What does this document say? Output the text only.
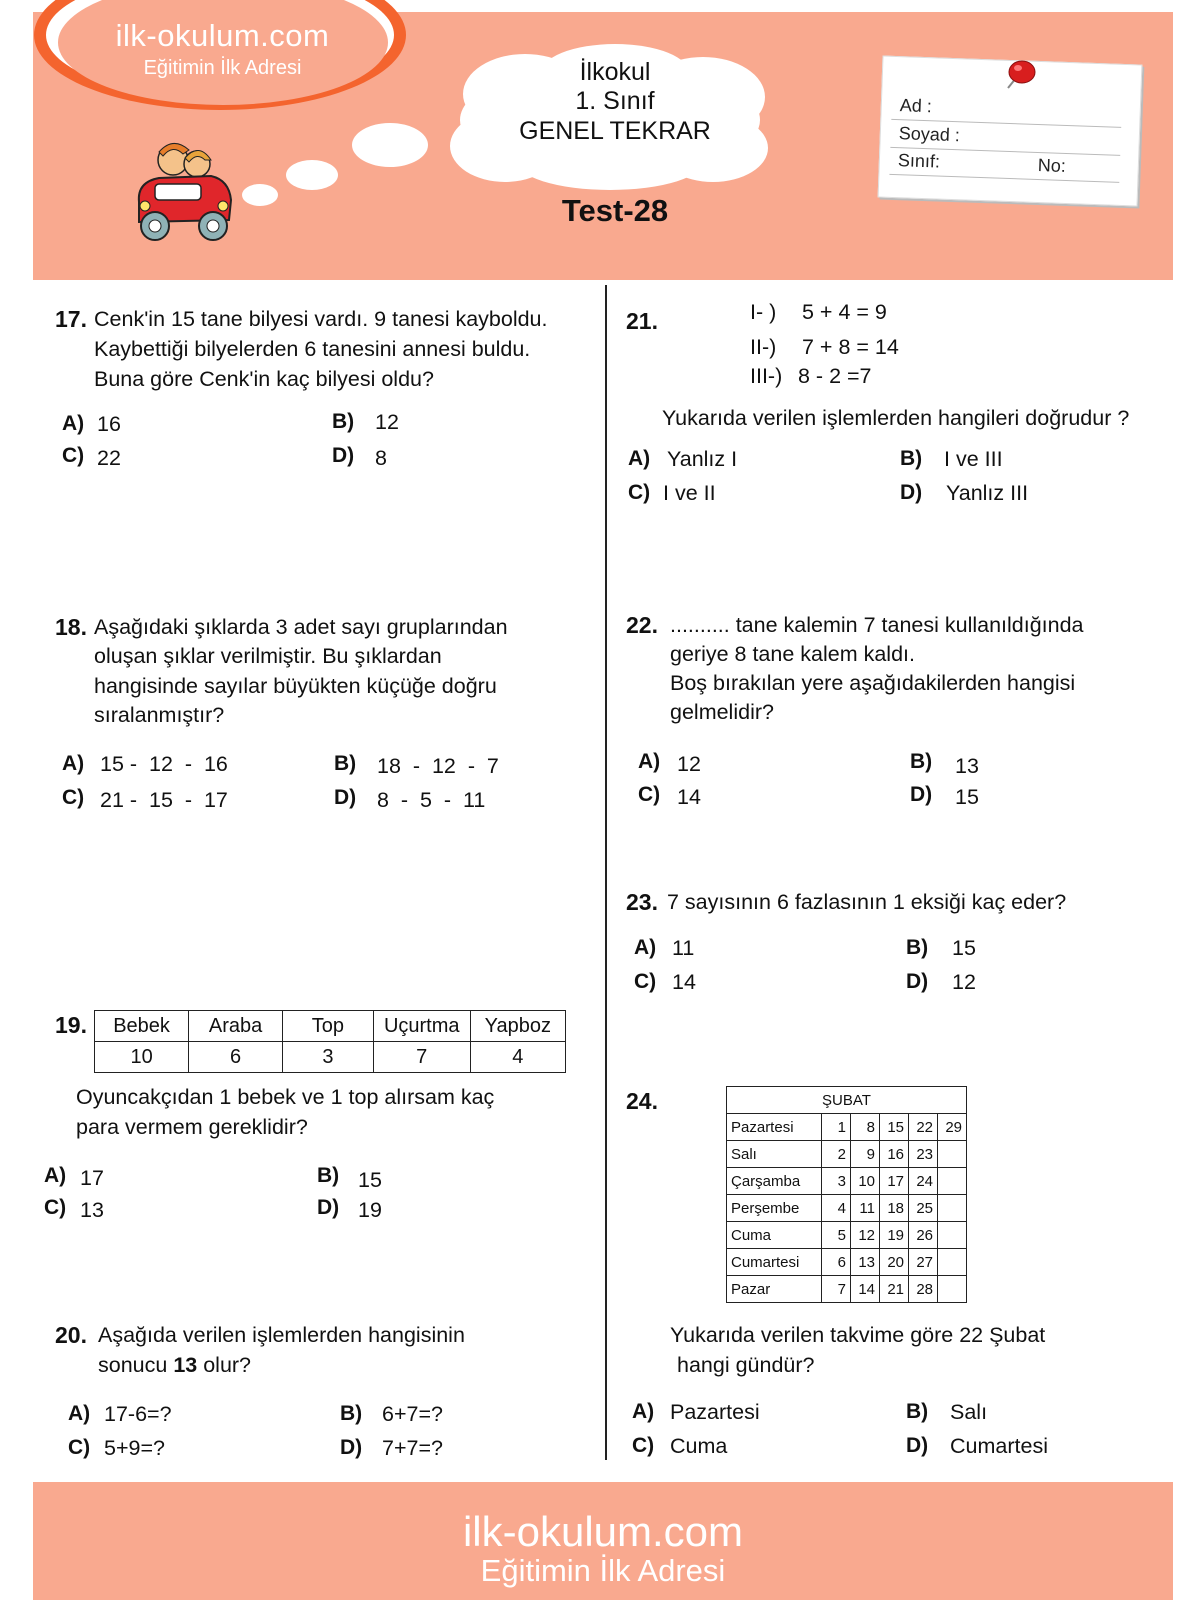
ilk-okulum.com
Eğitimin İlk Adresi	İlkokul
1. Sınıf
GENEL TEKRAR
Test-28
Ad :
Soyad :
Sınıf:	No:
17. Cenk'in 15 tane bilyesi vardı. 9 tanesi kayboldu.
Kaybettiği bilyelerden 6 tanesini annesi buldu.
Buna göre Cenk'in kaç bilyesi oldu?
A) 16	B) 12
C) 22	D) 8
18. Aşağıdaki şıklarda 3 adet sayı gruplarından
oluşan şıklar verilmiştir. Bu şıklardan
hangisinde sayılar büyükten küçüğe doğru
sıralanmıştır?
A) 15 -  12  -  16	B) 18  -  12  -  7
C) 21 -  15  -  17	D) 8  -  5  -  11
19. Bebek	Araba	Top	Uçurtma	Yapboz
10	6	3	7	4
Oyuncakçıdan 1 bebek ve 1 top alırsam kaç
para vermem gereklidir?
A) 17	B) 15
C) 13	D) 19
20. Aşağıda verilen işlemlerden hangisinin
sonucu 13 olur?
A) 17-6=?	B) 6+7=?
C) 5+9=?	D) 7+7=?
21.	I- ) 5 + 4 = 9
II-) 7 + 8 = 14
III-) 8 - 2 =7
Yukarıda verilen işlemlerden hangileri doğrudur ?
A) Yanlız I	B) I ve III
C) I ve II	D) Yanlız III
22. .......... tane kalemin 7 tanesi kullanıldığında
geriye 8 tane kalem kaldı.
Boş bırakılan yere aşağıdakilerden hangisi
gelmelidir?
A) 12	B) 13
C) 14	D) 15
23. 7 sayısının 6 fazlasının 1 eksiği kaç eder?
A) 11	B) 15
C) 14	D) 12
24.	ŞUBAT					
Pazartesi	1	8	15	22	29
Salı	2	9	16	23	
Çarşamba	3	10	17	24	
Perşembe	4	11	18	25	
Cuma	5	12	19	26	
Cumartesi	6	13	20	27	
Pazar	7	14	21	28	
Yukarıda verilen takvime göre 22 Şubat
hangi gündür?
A) Pazartesi	B) Salı
C) Cuma	D) Cumartesi
ilk-okulum.com
Eğitimin İlk Adresi
